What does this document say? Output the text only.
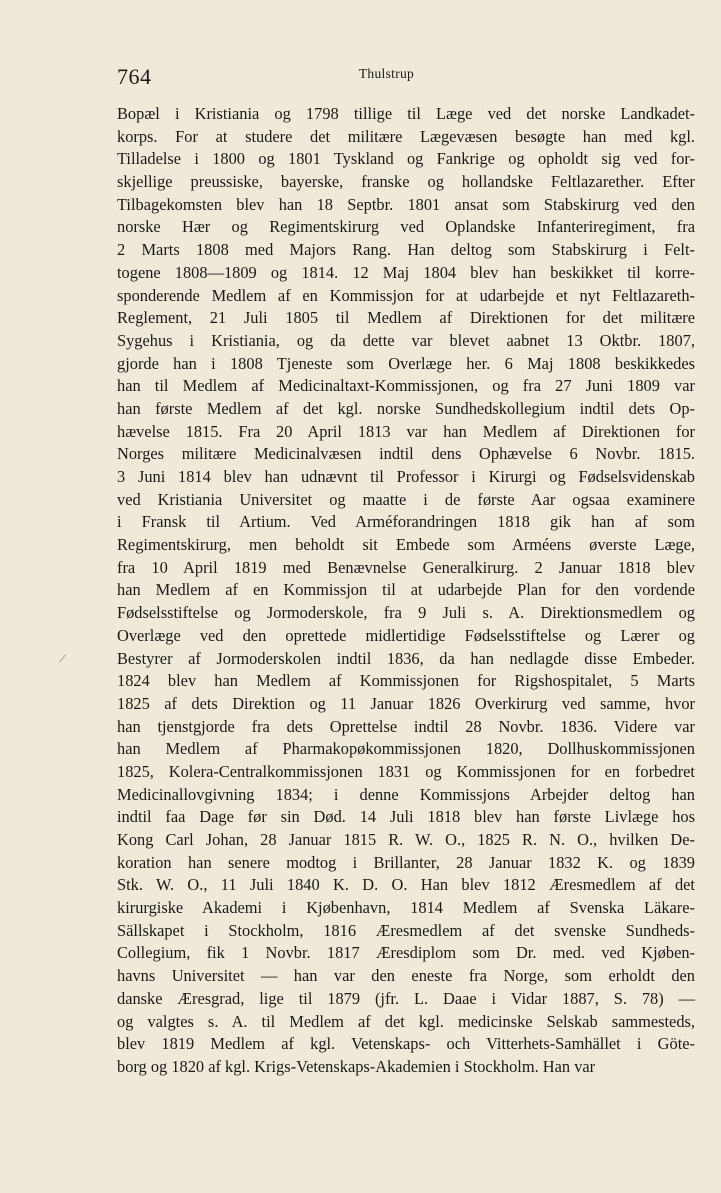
764	Thulstrup
/
Bopæl i Kristiania og 1798 tillige til Læge ved det norske Landkadet-
korps. For at studere det militære Lægevæsen besøgte han med kgl.
Tilladelse i 1800 og 1801 Tyskland og Fankrige og opholdt sig ved for-
skjellige preussiske, bayerske, franske og hollandske Feltlazarether. Efter
Tilbagekomsten blev han 18 Septbr. 1801 ansat som Stabskirurg ved den
norske Hær og Regimentskirurg ved Oplandske Infanteriregiment, fra
2 Marts 1808 med Majors Rang. Han deltog som Stabskirurg i Felt-
togene 1808—1809 og 1814. 12 Maj 1804 blev han beskikket til korre-
sponderende Medlem af en Kommissjon for at udarbejde et nyt Feltlazareth-
Reglement, 21 Juli 1805 til Medlem af Direktionen for det militære
Sygehus i Kristiania, og da dette var blevet aabnet 13 Oktbr. 1807,
gjorde han i 1808 Tjeneste som Overlæge her. 6 Maj 1808 beskikkedes
han til Medlem af Medicinaltaxt-Kommissjonen, og fra 27 Juni 1809 var
han første Medlem af det kgl. norske Sundhedskollegium indtil dets Op-
hævelse 1815. Fra 20 April 1813 var han Medlem af Direktionen for
Norges militære Medicinalvæsen indtil dens Ophævelse 6 Novbr. 1815.
3 Juni 1814 blev han udnævnt til Professor i Kirurgi og Fødselsvidenskab
ved Kristiania Universitet og maatte i de første Aar ogsaa examinere
i Fransk til Artium. Ved Arméforandringen 1818 gik han af som
Regimentskirurg, men beholdt sit Embede som Arméens øverste Læge,
fra 10 April 1819 med Benævnelse Generalkirurg. 2 Januar 1818 blev
han Medlem af en Kommissjon til at udarbejde Plan for den vordende
Fødselsstiftelse og Jormoderskole, fra 9 Juli s. A. Direktionsmedlem og
Overlæge ved den oprettede midlertidige Fødselsstiftelse og Lærer og
Bestyrer af Jormoderskolen indtil 1836, da han nedlagde disse Embeder.
1824 blev han Medlem af Kommissjonen for Rigshospitalet, 5 Marts
1825 af dets Direktion og 11 Januar 1826 Overkirurg ved samme, hvor
han tjenstgjorde fra dets Oprettelse indtil 28 Novbr. 1836. Videre var
han Medlem af Pharmakopøkommissjonen 1820, Dollhuskommissjonen
1825, Kolera-Centralkommissjonen 1831 og Kommissjonen for en forbedret
Medicinallovgivning 1834; i denne Kommissjons Arbejder deltog han
indtil faa Dage før sin Død. 14 Juli 1818 blev han første Livlæge hos
Kong Carl Johan, 28 Januar 1815 R. W. O., 1825 R. N. O., hvilken De-
koration han senere modtog i Brillanter, 28 Januar 1832 K. og 1839
Stk. W. O., 11 Juli 1840 K. D. O. Han blev 1812 Æresmedlem af det
kirurgiske Akademi i Kjøbenhavn, 1814 Medlem af Svenska Läkare-
Sällskapet i Stockholm, 1816 Æresmedlem af det svenske Sundheds-
Collegium, fik 1 Novbr. 1817 Æresdiplom som Dr. med. ved Kjøben-
havns Universitet — han var den eneste fra Norge, som erholdt den
danske Æresgrad, lige til 1879 (jfr. L. Daae i Vidar 1887, S. 78) —
og valgtes s. A. til Medlem af det kgl. medicinske Selskab sammesteds,
blev 1819 Medlem af kgl. Vetenskaps- och Vitterhets-Samhället i Göte-
borg og 1820 af kgl. Krigs-Vetenskaps-Akademien i Stockholm. Han var
